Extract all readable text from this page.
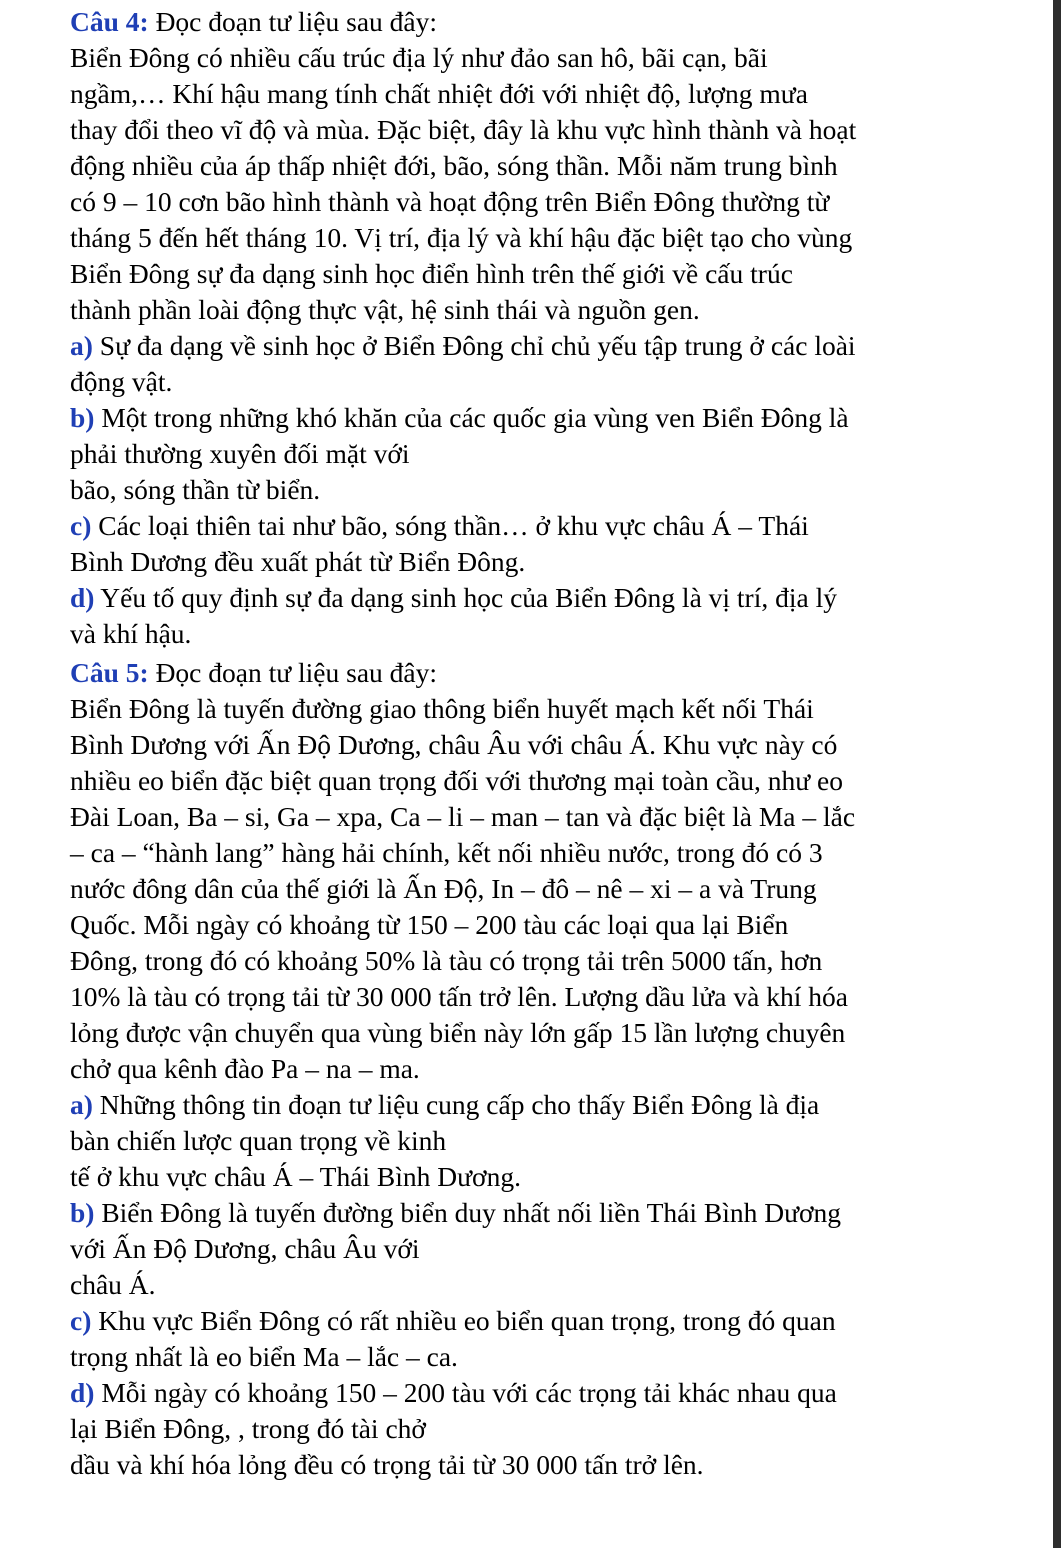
Câu 4: Đọc đoạn tư liệu sau đây:
Biển Đông có nhiều cấu trúc địa lý như đảo san hô, bãi cạn, bãi
ngầm,… Khí hậu mang tính chất nhiệt đới với nhiệt độ, lượng mưa
thay đổi theo vĩ độ và mùa. Đặc biệt, đây là khu vực hình thành và hoạt
động nhiều của áp thấp nhiệt đới, bão, sóng thần. Mỗi năm trung bình
có 9 – 10 cơn bão hình thành và hoạt động trên Biển Đông thường từ
tháng 5 đến hết tháng 10. Vị trí, địa lý và khí hậu đặc biệt tạo cho vùng
Biển Đông sự đa dạng sinh học điển hình trên thế giới về cấu trúc
thành phần loài động thực vật, hệ sinh thái và nguồn gen.
a) Sự đa dạng về sinh học ở Biển Đông chỉ chủ yếu tập trung ở các loài
động vật.
b) Một trong những khó khăn của các quốc gia vùng ven Biển Đông là
phải thường xuyên đối mặt với
bão, sóng thần từ biển.
c) Các loại thiên tai như bão, sóng thần… ở khu vực châu Á – Thái
Bình Dương đều xuất phát từ Biển Đông.
d) Yếu tố quy định sự đa dạng sinh học của Biển Đông là vị trí, địa lý
và khí hậu.
Câu 5: Đọc đoạn tư liệu sau đây:
Biển Đông là tuyến đường giao thông biển huyết mạch kết nối Thái
Bình Dương với Ấn Độ Dương, châu Âu với châu Á. Khu vực này có
nhiều eo biển đặc biệt quan trọng đối với thương mại toàn cầu, như eo
Đài Loan, Ba – si, Ga – xpa, Ca – li – man – tan và đặc biệt là Ma – lắc
– ca – “hành lang” hàng hải chính, kết nối nhiều nước, trong đó có 3
nước đông dân của thế giới là Ấn Độ, In – đô – nê – xi – a và Trung
Quốc. Mỗi ngày có khoảng từ 150 – 200 tàu các loại qua lại Biển
Đông, trong đó có khoảng 50% là tàu có trọng tải trên 5000 tấn, hơn
10% là tàu có trọng tải từ 30 000 tấn trở lên. Lượng dầu lửa và khí hóa
lỏng được vận chuyển qua vùng biển này lớn gấp 15 lần lượng chuyên
chở qua kênh đào Pa – na – ma.
a) Những thông tin đoạn tư liệu cung cấp cho thấy Biển Đông là địa
bàn chiến lược quan trọng về kinh
tế ở khu vực châu Á – Thái Bình Dương.
b) Biển Đông là tuyến đường biển duy nhất nối liền Thái Bình Dương
với Ấn Độ Dương, châu Âu với
châu Á.
c) Khu vực Biển Đông có rất nhiều eo biển quan trọng, trong đó quan
trọng nhất là eo biển Ma – lắc – ca.
d) Mỗi ngày có khoảng 150 – 200 tàu với các trọng tải khác nhau qua
lại Biển Đông, , trong đó tài chở
dầu và khí hóa lỏng đều có trọng tải từ 30 000 tấn trở lên.
